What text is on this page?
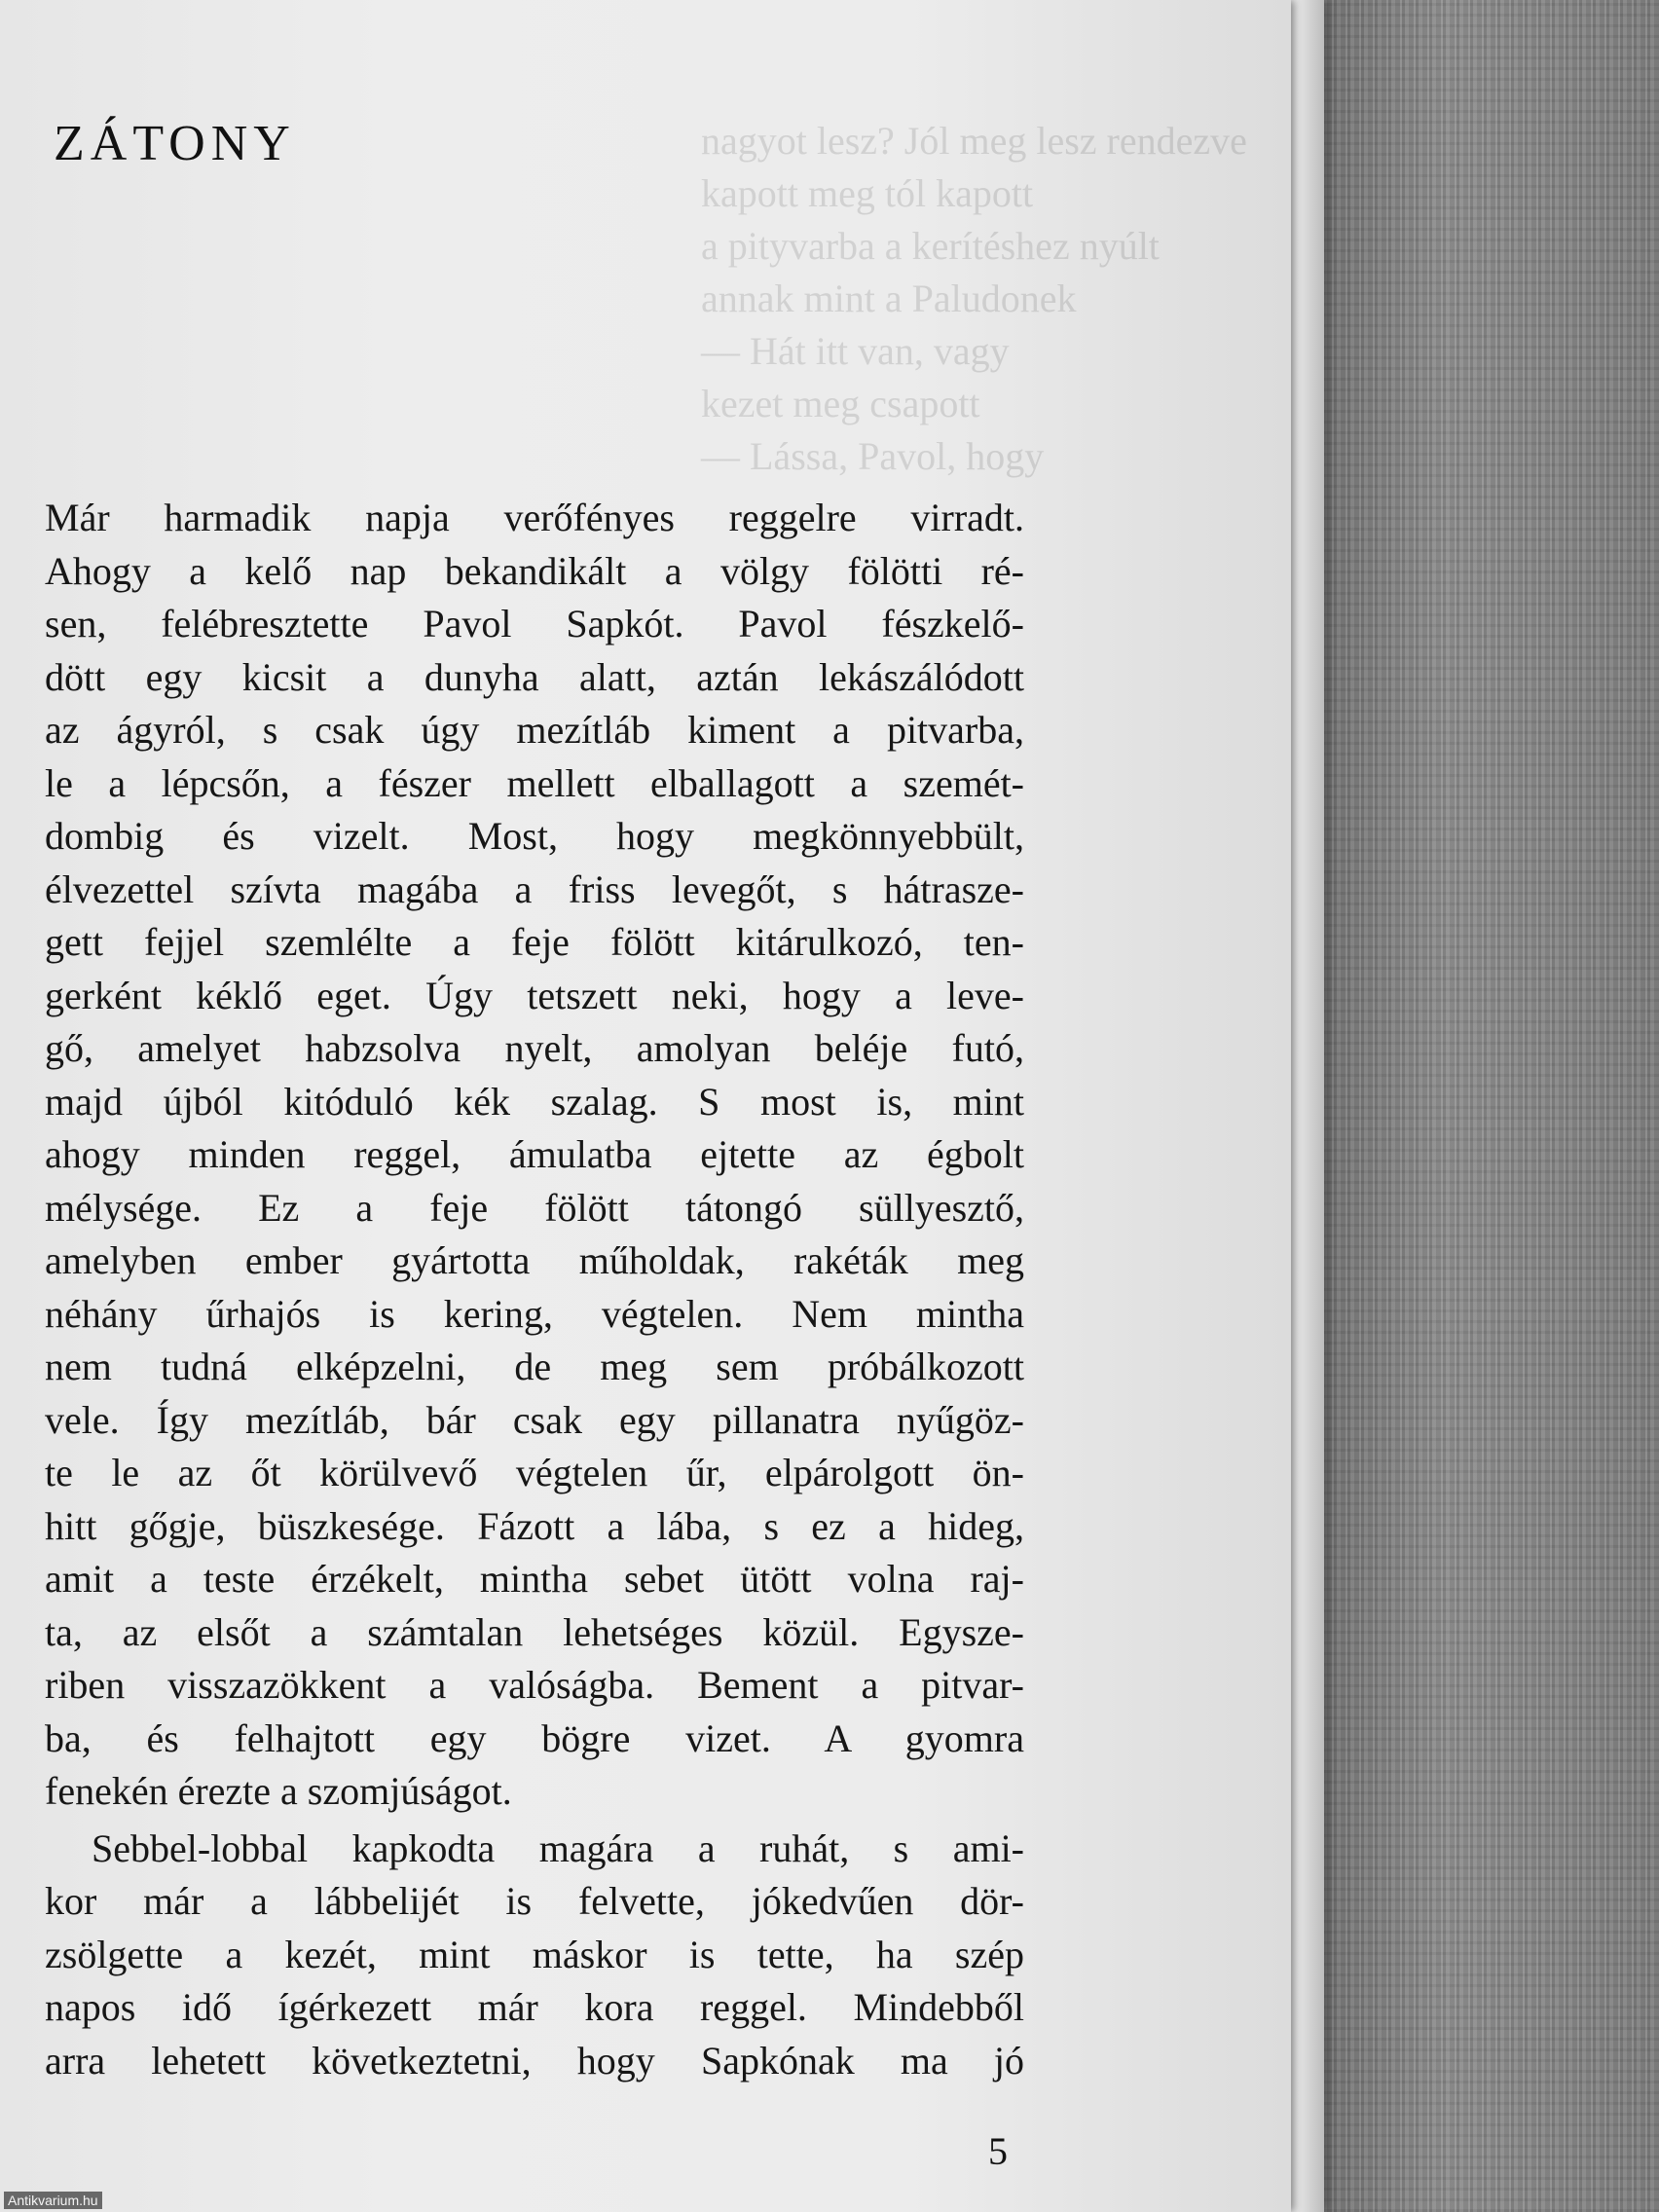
nagyot lesz? Jól meg lesz rendezve
kapott meg tól kapott
a pityvarba a kerítéshez nyúlt
annak mint a Paludonek
— Hát itt van, vagy
kezet meg csapott
— Lássa, Pavol, hogy
ZÁTONY
Már harmadik napja verőfényes reggelre virradt.
Ahogy a kelő nap bekandikált a völgy fölötti ré-
sen, felébresztette Pavol Sapkót. Pavol fészkelő-
dött egy kicsit a dunyha alatt, aztán lekászálódott
az ágyról, s csak úgy mezítláb kiment a pitvarba,
le a lépcsőn, a fészer mellett elballagott a szemét-
dombig és vizelt. Most, hogy megkönnyebbült,
élvezettel szívta magába a friss levegőt, s hátrasze-
gett fejjel szemlélte a feje fölött kitárulkozó, ten-
gerként kéklő eget. Úgy tetszett neki, hogy a leve-
gő, amelyet habzsolva nyelt, amolyan beléje futó,
majd újból kitóduló kék szalag. S most is, mint
ahogy minden reggel, ámulatba ejtette az égbolt
mélysége. Ez a feje fölött tátongó süllyesztő,
amelyben ember gyártotta műholdak, rakéták meg
néhány űrhajós is kering, végtelen. Nem mintha
nem tudná elképzelni, de meg sem próbálkozott
vele. Így mezítláb, bár csak egy pillanatra nyűgöz-
te le az őt körülvevő végtelen űr, elpárolgott ön-
hitt gőgje, büszkesége. Fázott a lába, s ez a hideg,
amit a teste érzékelt, mintha sebet ütött volna raj-
ta, az elsőt a számtalan lehetséges közül. Egysze-
riben visszazökkent a valóságba. Bement a pitvar-
ba, és felhajtott egy bögre vizet. A gyomra
fenekén érezte a szomjúságot.
Sebbel-lobbal kapkodta magára a ruhát, s ami-
kor már a lábbelijét is felvette, jókedvűen dör-
zsölgette a kezét, mint máskor is tette, ha szép
napos idő ígérkezett már kora reggel. Mindebből
arra lehetett következtetni, hogy Sapkónak ma jó
5
Antikvarium.hu
